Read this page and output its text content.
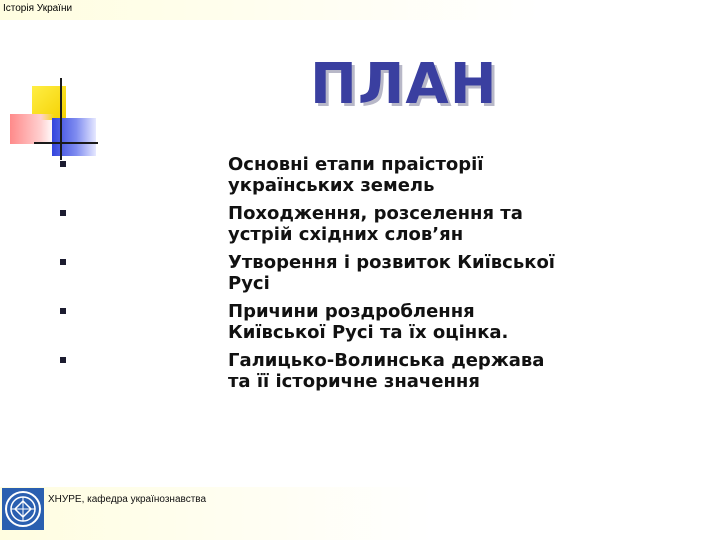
Історія України
ПЛАН
Основні етапи праісторії українських земель
Походження, розселення та устрій східних слов’ян
Утворення і розвиток Київської Русі
Причини роздроблення Київської Русі та їх оцінка.
Галицько-Волинська держава та її історичне значення
ХНУРЕ, кафедра українознавства
